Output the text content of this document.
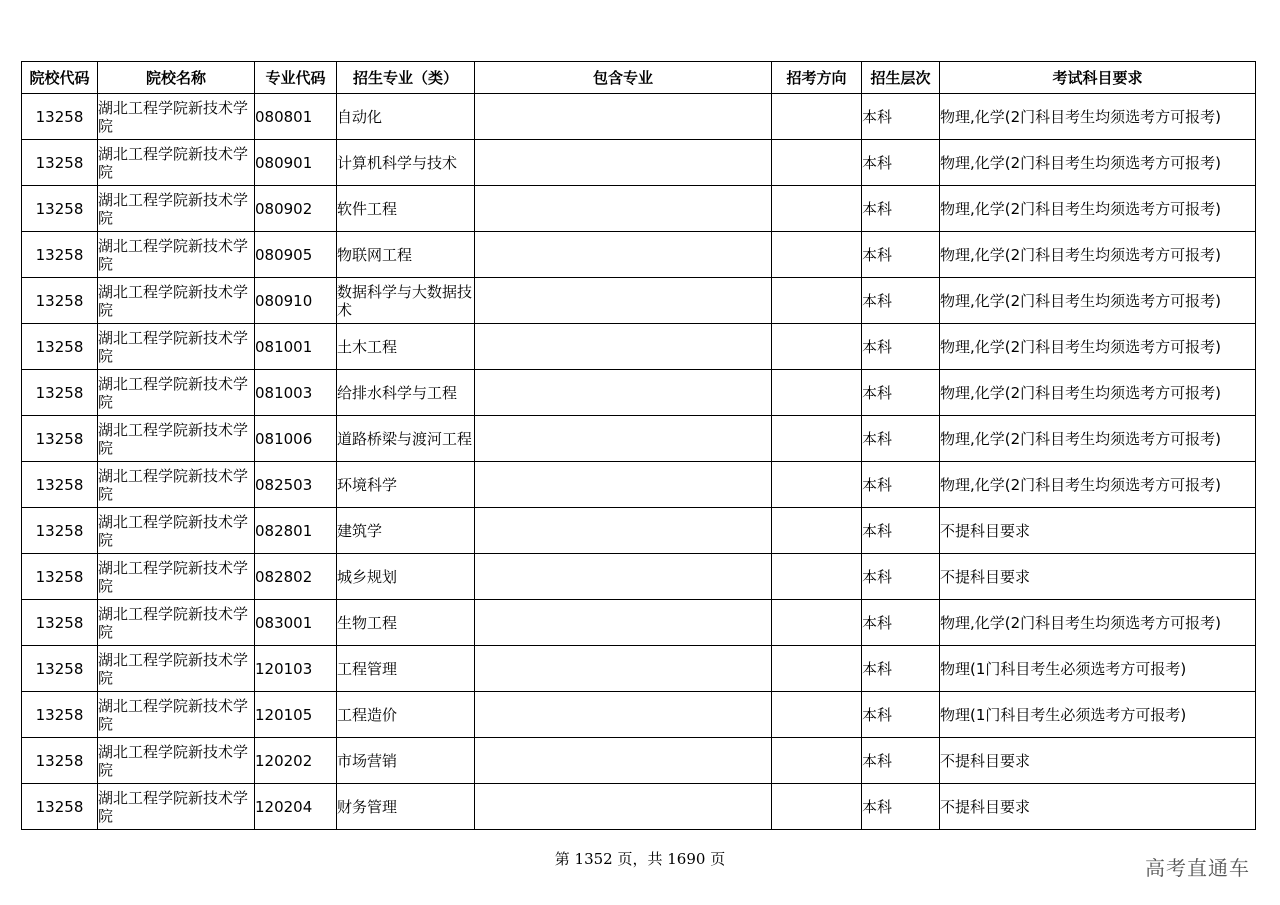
院校代码	院校名称	专业代码	招生专业（类）	包含专业	招考方向	招生层次	考试科目要求
13258	湖北工程学院新技术学院	080801	自动化			本科	物理,化学(2门科目考生均须选考方可报考)
13258	湖北工程学院新技术学院	080901	计算机科学与技术			本科	物理,化学(2门科目考生均须选考方可报考)
13258	湖北工程学院新技术学院	080902	软件工程			本科	物理,化学(2门科目考生均须选考方可报考)
13258	湖北工程学院新技术学院	080905	物联网工程			本科	物理,化学(2门科目考生均须选考方可报考)
13258	湖北工程学院新技术学院	080910	数据科学与大数据技术			本科	物理,化学(2门科目考生均须选考方可报考)
13258	湖北工程学院新技术学院	081001	土木工程			本科	物理,化学(2门科目考生均须选考方可报考)
13258	湖北工程学院新技术学院	081003	给排水科学与工程			本科	物理,化学(2门科目考生均须选考方可报考)
13258	湖北工程学院新技术学院	081006	道路桥梁与渡河工程			本科	物理,化学(2门科目考生均须选考方可报考)
13258	湖北工程学院新技术学院	082503	环境科学			本科	物理,化学(2门科目考生均须选考方可报考)
13258	湖北工程学院新技术学院	082801	建筑学			本科	不提科目要求
13258	湖北工程学院新技术学院	082802	城乡规划			本科	不提科目要求
13258	湖北工程学院新技术学院	083001	生物工程			本科	物理,化学(2门科目考生均须选考方可报考)
13258	湖北工程学院新技术学院	120103	工程管理			本科	物理(1门科目考生必须选考方可报考)
13258	湖北工程学院新技术学院	120105	工程造价			本科	物理(1门科目考生必须选考方可报考)
13258	湖北工程学院新技术学院	120202	市场营销			本科	不提科目要求
13258	湖北工程学院新技术学院	120204	财务管理			本科	不提科目要求
第 1352 页，共 1690 页	高考直通车
